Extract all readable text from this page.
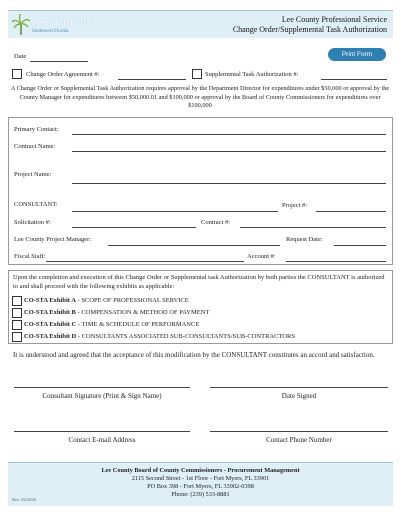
Lee County
Southwest Florida
Lee County Professional Service
Change Order/Supplemental Task Authorization
Date	Print Form
Change Order Agreement #:	Supplemental Task Authorization #:
A Change Order or Supplemental Task Authorization requires approval by the Department Director for expenditures under $50,000 or approval by the County Manager for expenditures between $50,000.01 and $100,000 or approval by the Board of County Commissioners for expenditures over $100,000
Primary Contact:
Contract Name:
Project Name:
CONSULTANT:	Project #:
Solicitation #:	Contract #:
Lee County Project Manager:	Request Date:
Fiscal Staff:	Account #:
Upon the completion and execution of this Change Order or Supplemental task Authorization by both parties the CONSULTANT is authorized to and shall proceed with the following exhibits as applicable:
CO-STA Exhibit A - SCOPE OF PROFESSIONAL SERVICE
CO-STA Exhibit B - COMPENSATION & METHOD OF PAYMENT
CO-STA Exhibit C - TIME & SCHEDULE OF PERFORMANCE
CO-STA Exhibit D - CONSULTANTS ASSOCIATED SUB-CONSULTANTS/SUB-CONTRACTORS
It is understood and agreed that the acceptance of this modification by the CONSULTANT constitutes an accord and satisfaction.
Consultant Signature (Print & Sign Name)	Date Signed
Contact E-mail Address	Contact Phone Number
Lee County Board of County Commissioners - Procurement Management
2115 Second Street - 1st Floor - Fort Myers, FL 33901
PO Box 398 - Fort Myers, FL 33902-0398
Phone: (239) 533-8881
Rev. 02/2020
